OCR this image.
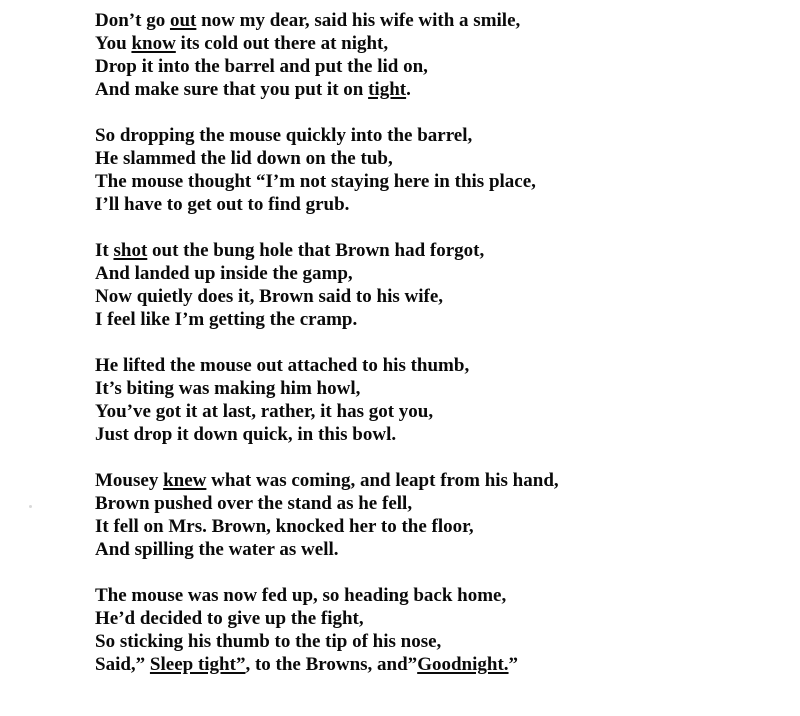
Don’t go out now my dear, said his wife with a smile,
You know its cold out there at night,
Drop it into the barrel and put the lid on,
And make sure that you put it on tight.
So dropping the mouse quickly into the barrel,
He slammed the lid down on the tub,
The mouse thought “I’m not staying here in this place,
I’ll have to get out to find grub.
It shot out the bung hole that Brown had forgot,
And landed up inside the gamp,
Now quietly does it, Brown said to his wife,
I feel like I’m getting the cramp.
He lifted the mouse out attached to his thumb,
It’s biting was making him howl,
You’ve got it at last, rather, it has got you,
Just drop it down quick, in this bowl.
Mousey knew what was coming, and leapt from his hand,
Brown pushed over the stand as he fell,
It fell on Mrs. Brown, knocked her to the floor,
And spilling the water as well.
The mouse was now fed up, so heading back home,
He’d decided to give up the fight,
So sticking his thumb to the tip of his nose,
Said,” Sleep tight”, to the Browns, and”Goodnight.”
